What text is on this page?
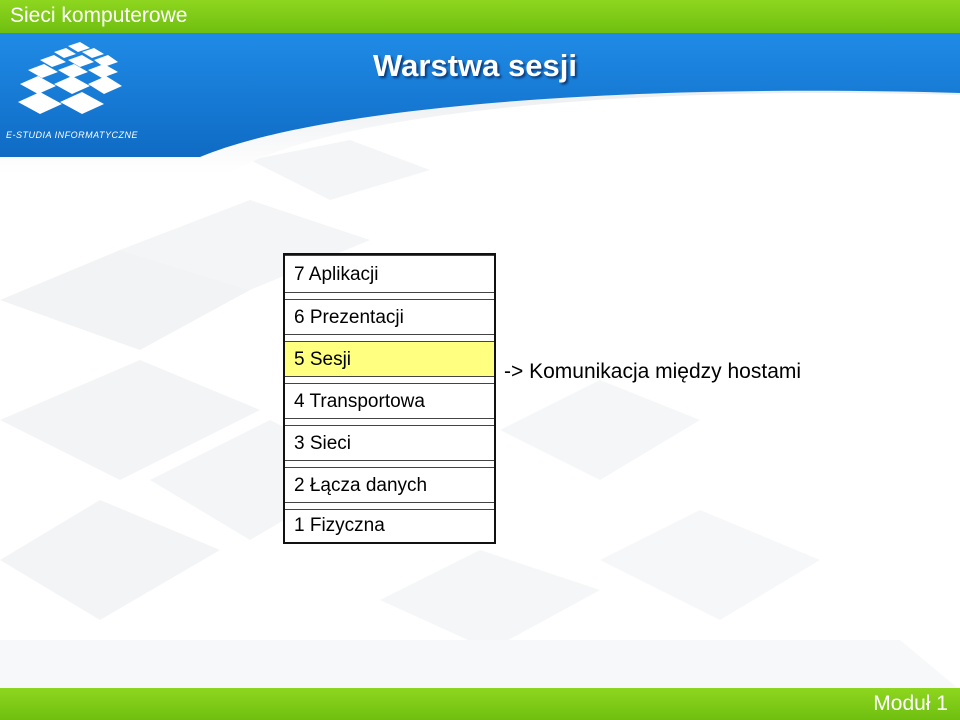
Sieci komputerowe
E-STUDIA INFORMATYCZNE
Warstwa sesji
7 Aplikacji
6 Prezentacji
5 Sesji
4 Transportowa
3 Sieci
2 Łącza danych
1 Fizyczna
-> Komunikacja między hostami
Moduł 1
